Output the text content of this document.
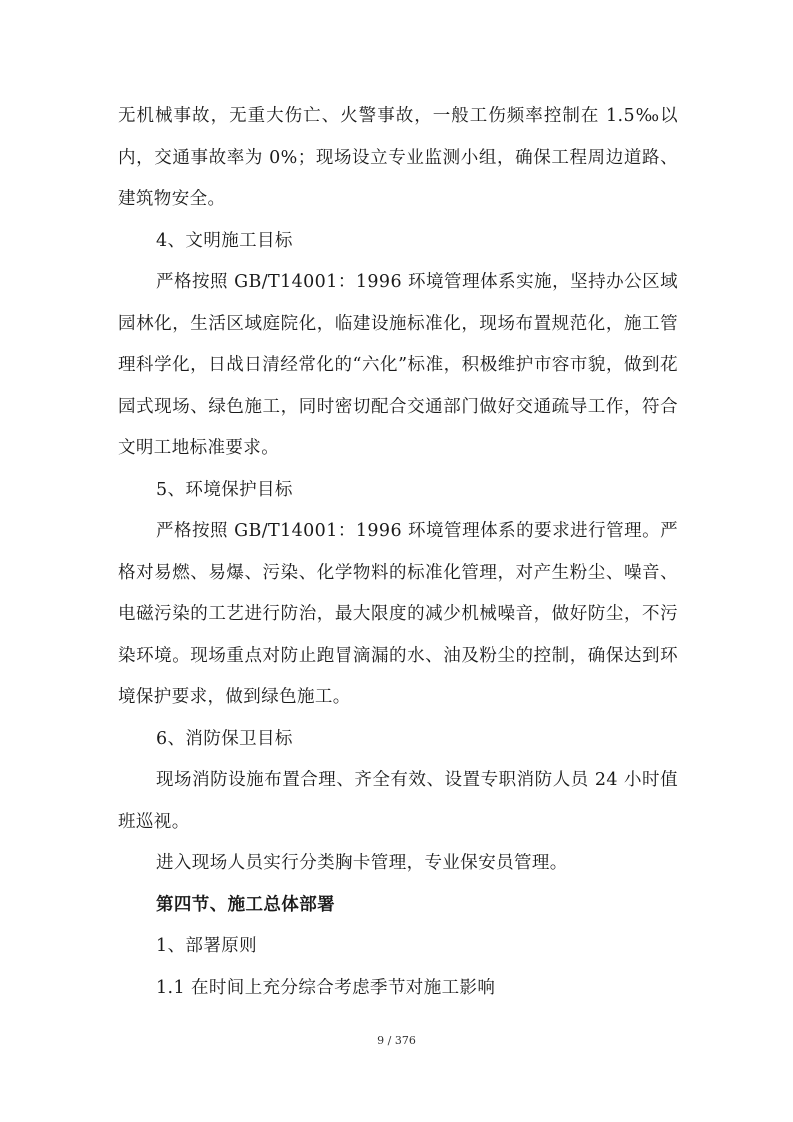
无机械事故，无重大伤亡、火警事故，一般工伤频率控制在 1.5‰以内，交通事故率为 0%；现场设立专业监测小组，确保工程周边道路、建筑物安全。

4、文明施工目标

严格按照 GB/T14001：1996 环境管理体系实施，坚持办公区域园林化，生活区域庭院化，临建设施标准化，现场布置规范化，施工管理科学化，日战日清经常化的“六化”标准，积极维护市容市貌，做到花园式现场、绿色施工，同时密切配合交通部门做好交通疏导工作，符合文明工地标准要求。

5、环境保护目标

严格按照 GB/T14001：1996 环境管理体系的要求进行管理。严格对易燃、易爆、污染、化学物料的标准化管理，对产生粉尘、噪音、电磁污染的工艺进行防治，最大限度的减少机械噪音，做好防尘，不污染环境。现场重点对防止跑冒滴漏的水、油及粉尘的控制，确保达到环境保护要求，做到绿色施工。

6、消防保卫目标

现场消防设施布置合理、齐全有效、设置专职消防人员 24 小时值班巡视。

进入现场人员实行分类胸卡管理，专业保安员管理。

第四节、施工总体部署

1、部署原则

1.1 在时间上充分综合考虑季节对施工影响

9 / 376
